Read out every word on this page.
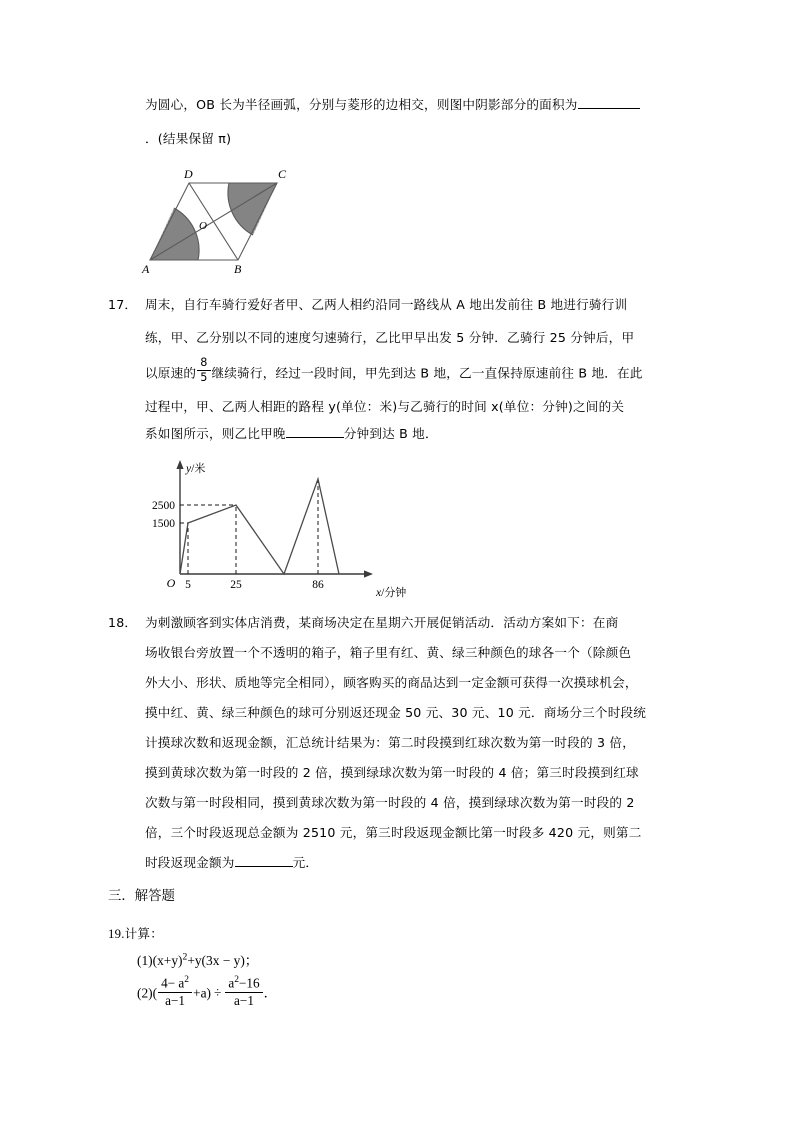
为圆心，OB 长为半径画弧，分别与菱形的边相交，则图中阴影部分的面积为
．(结果保留 π)
A	B
C
D
O
17． 周末，自行车骑行爱好者甲、乙两人相约沿同一路线从 A 地出发前往 B 地进行骑行训
练，甲、乙分别以不同的速度匀速骑行，乙比甲早出发 5 分钟．乙骑行 25 分钟后，甲
以原速的 $\frac{8}{5}$ 继续骑行，经过一段时间，甲先到达 B 地，乙一直保持原速前往 B 地．在此
过程中，甲、乙两人相距的路程 y(单位：米)与乙骑行的时间 x(单位：分钟)之间的关
系如图所示，则乙比甲晚	分钟到达 B 地．
2500
1500
5	25	86
O
y/米
x/分钟
18． 为刺激顾客到实体店消费，某商场决定在星期六开展促销活动．活动方案如下：在商
场收银台旁放置一个不透明的箱子，箱子里有红、黄、绿三种颜色的球各一个（除颜色
外大小、形状、质地等完全相同），顾客购买的商品达到一定金额可获得一次摸球机会，
摸中红、黄、绿三种颜色的球可分别返还现金 50 元、30 元、10 元．商场分三个时段统
计摸球次数和返现金额，汇总统计结果为：第二时段摸到红球次数为第一时段的 3 倍，
摸到黄球次数为第一时段的 2 倍，摸到绿球次数为第一时段的 4 倍；第三时段摸到红球
次数与第一时段相同，摸到黄球次数为第一时段的 4 倍，摸到绿球次数为第一时段的 2
倍，三个时段返现总金额为 2510 元，第三时段返现金额比第一时段多 420 元，则第二
时段返现金额为	元．
三．解答题
19.计算：
$(1)(x+y)^2+y(3x - y)$；
$(2)( \frac{4- a^2}{a-1} +a) \div \frac{a^2-16}{a-1}$ ．
